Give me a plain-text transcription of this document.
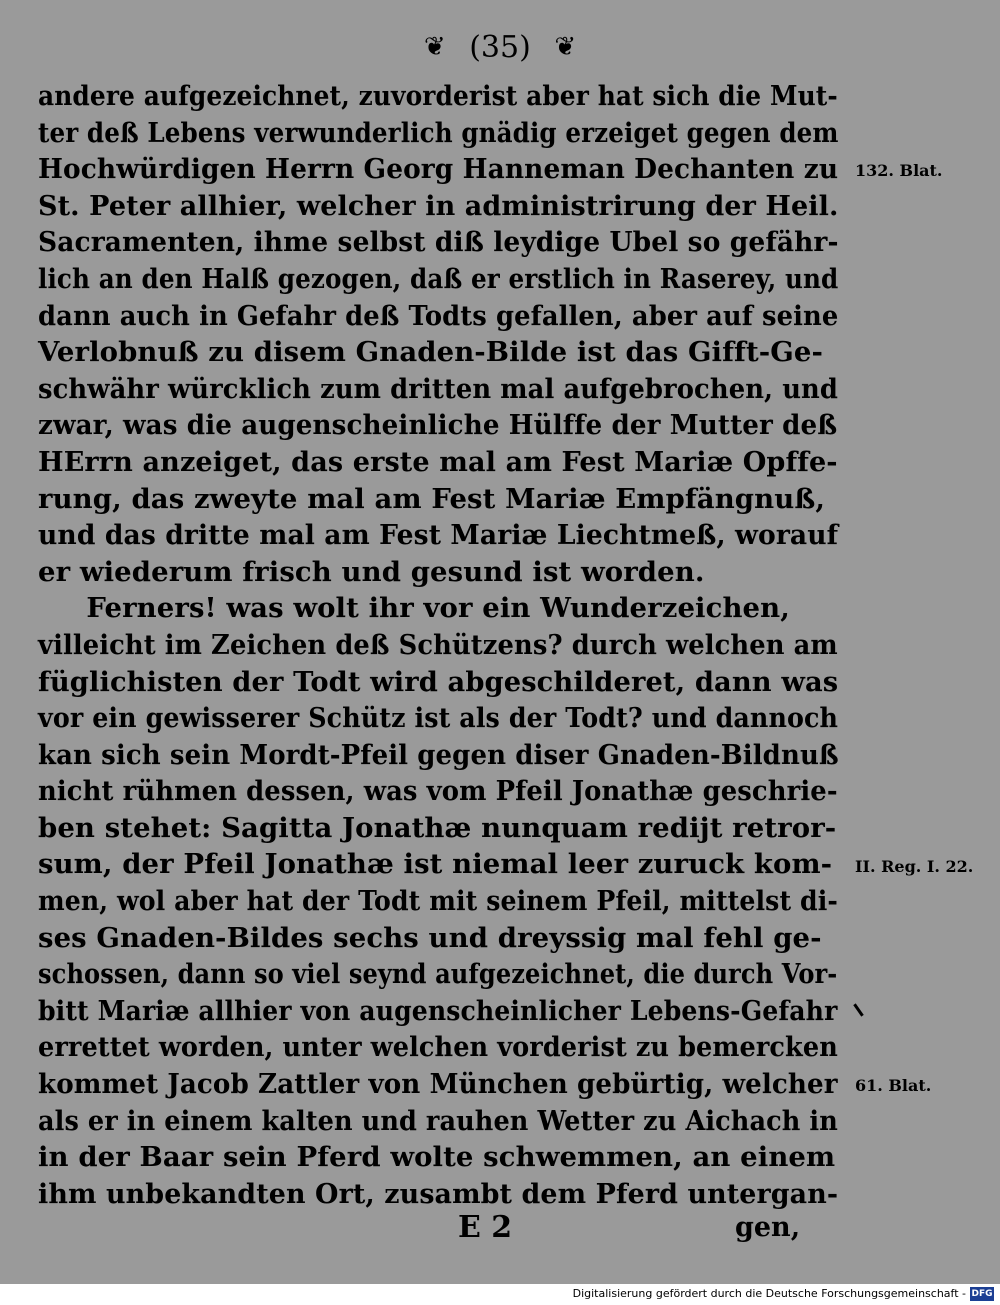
❦ (35) ❦
andere aufgezeichnet, zuvorderist aber hat sich die Mut-
ter deß Lebens verwunderlich gnädig erzeiget gegen dem
Hochwürdigen Herrn Georg Hanneman Dechanten zu
St. Peter allhier, welcher in administrirung der Heil.
Sacramenten, ihme selbst diß leydige Ubel so gefähr-
lich an den Halß gezogen, daß er erstlich in Raserey, und
dann auch in Gefahr deß Todts gefallen, aber auf seine
Verlobnuß zu disem Gnaden-Bilde ist das Gifft-Ge-
schwähr würcklich zum dritten mal aufgebrochen, und
zwar, was die augenscheinliche Hülffe der Mutter deß
HErrn anzeiget, das erste mal am Fest Mariæ Opffe-
rung, das zweyte mal am Fest Mariæ Empfängnuß,
und das dritte mal am Fest Mariæ Liechtmeß, worauf
er wiederum frisch und gesund ist worden.
Ferners! was wolt ihr vor ein Wunderzeichen,
villeicht im Zeichen deß Schützens? durch welchen am
füglichisten der Todt wird abgeschilderet, dann was
vor ein gewisserer Schütz ist als der Todt? und dannoch
kan sich sein Mordt-Pfeil gegen diser Gnaden-Bildnuß
nicht rühmen dessen, was vom Pfeil Jonathæ geschrie-
ben stehet: Sagitta Jonathæ nunquam redijt retror-
sum, der Pfeil Jonathæ ist niemal leer zuruck kom-
men, wol aber hat der Todt mit seinem Pfeil, mittelst di-
ses Gnaden-Bildes sechs und dreyssig mal fehl ge-
schossen, dann so viel seynd aufgezeichnet, die durch Vor-
bitt Mariæ allhier von augenscheinlicher Lebens-Gefahr
errettet worden, unter welchen vorderist zu bemercken
kommet Jacob Zattler von München gebürtig, welcher
als er in einem kalten und rauhen Wetter zu Aichach in
in der Baar sein Pferd wolte schwemmen, an einem
ihm unbekandten Ort, zusambt dem Pferd untergan-
132. Blat.
II. Reg. I. 22.
61. Blat.
E 2	gen,
Digitalisierung gefördert durch die Deutsche Forschungsgemeinschaft - DFG
